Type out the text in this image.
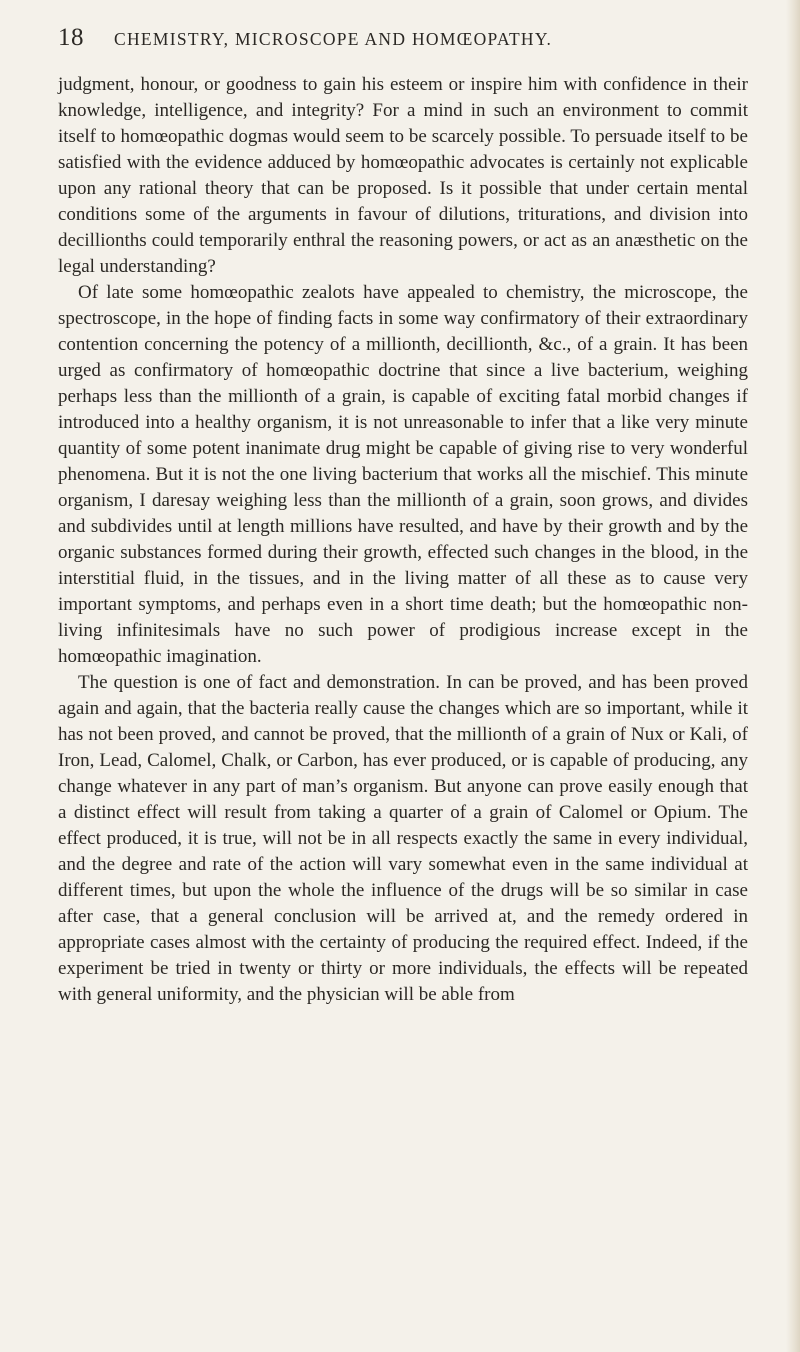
18	CHEMISTRY, MICROSCOPE AND HOMŒOPATHY.

judgment, honour, or goodness to gain his esteem or inspire him with confidence in their knowledge, intelligence, and integrity? For a mind in such an environment to commit itself to homœopathic dogmas would seem to be scarcely possible. To persuade itself to be satisfied with the evidence adduced by homœopathic advocates is certainly not explicable upon any rational theory that can be proposed. Is it possible that under certain mental conditions some of the arguments in favour of dilutions, triturations, and division into decillionths could temporarily enthral the reasoning powers, or act as an anæsthetic on the legal understanding?

Of late some homœopathic zealots have appealed to chemistry, the microscope, the spectroscope, in the hope of finding facts in some way confirmatory of their extraordinary contention concerning the potency of a millionth, decillionth, &c., of a grain. It has been urged as confirmatory of homœopathic doctrine that since a live bacterium, weighing perhaps less than the millionth of a grain, is capable of exciting fatal morbid changes if introduced into a healthy organism, it is not unreasonable to infer that a like very minute quantity of some potent inanimate drug might be capable of giving rise to very wonderful phenomena. But it is not the one living bacterium that works all the mischief. This minute organism, I daresay weighing less than the millionth of a grain, soon grows, and divides and subdivides until at length millions have resulted, and have by their growth and by the organic substances formed during their growth, effected such changes in the blood, in the interstitial fluid, in the tissues, and in the living matter of all these as to cause very important symptoms, and perhaps even in a short time death; but the homœopathic non-living infinitesimals have no such power of prodigious increase except in the homœopathic imagination.

The question is one of fact and demonstration. In can be proved, and has been proved again and again, that the bacteria really cause the changes which are so important, while it has not been proved, and cannot be proved, that the millionth of a grain of Nux or Kali, of Iron, Lead, Calomel, Chalk, or Carbon, has ever produced, or is capable of producing, any change whatever in any part of man’s organism. But anyone can prove easily enough that a distinct effect will result from taking a quarter of a grain of Calomel or Opium. The effect produced, it is true, will not be in all respects exactly the same in every individual, and the degree and rate of the action will vary somewhat even in the same individual at different times, but upon the whole the influence of the drugs will be so similar in case after case, that a general conclusion will be arrived at, and the remedy ordered in appropriate cases almost with the certainty of producing the required effect. Indeed, if the experiment be tried in twenty or thirty or more individuals, the effects will be repeated with general uniformity, and the physician will be able from
